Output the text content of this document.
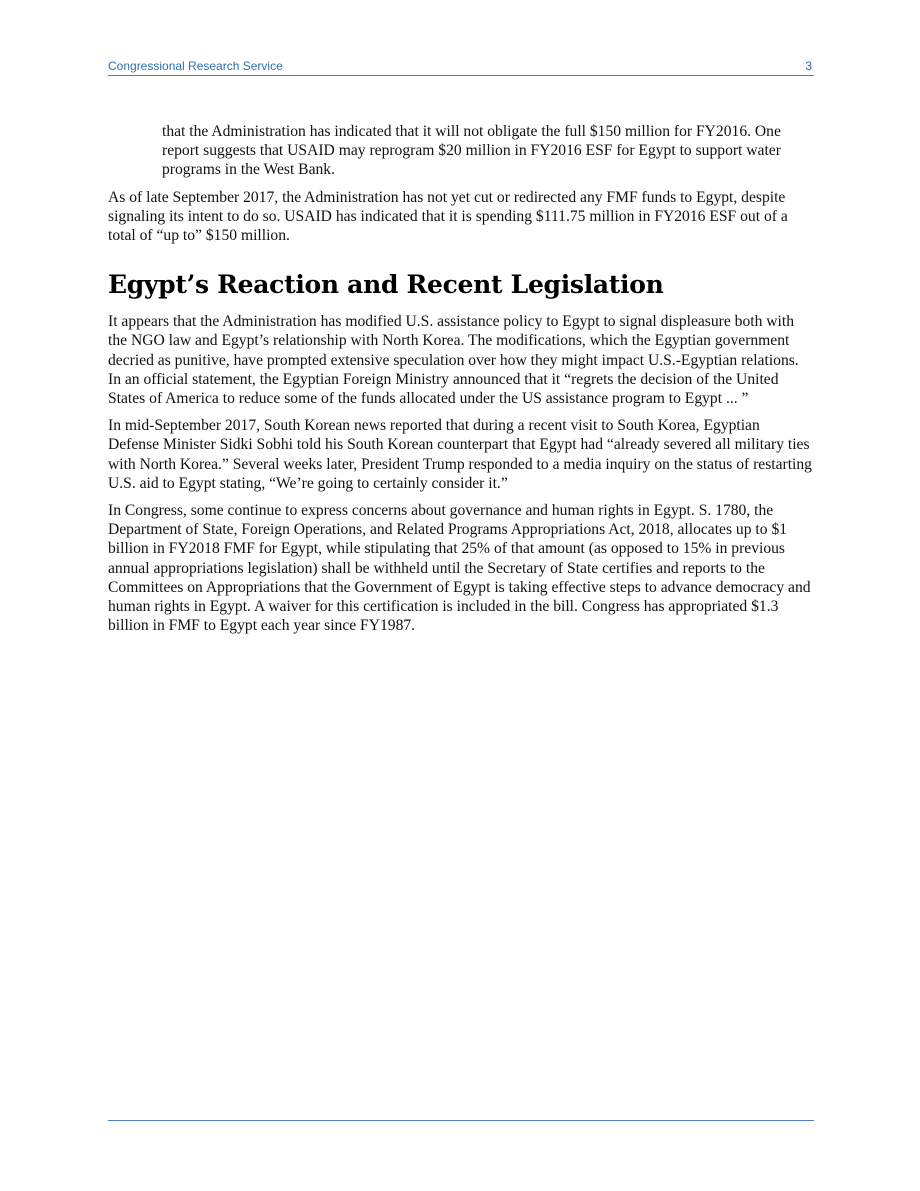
Congressional Research Service	3

that the Administration has indicated that it will not obligate the full $150 million for FY2016. One report suggests that USAID may reprogram $20 million in FY2016 ESF for Egypt to support water programs in the West Bank.

As of late September 2017, the Administration has not yet cut or redirected any FMF funds to Egypt, despite signaling its intent to do so. USAID has indicated that it is spending $111.75 million in FY2016 ESF out of a total of “up to” $150 million.

Egypt’s Reaction and Recent Legislation

It appears that the Administration has modified U.S. assistance policy to Egypt to signal displeasure both with the NGO law and Egypt’s relationship with North Korea. The modifications, which the Egyptian government decried as punitive, have prompted extensive speculation over how they might impact U.S.-Egyptian relations. In an official statement, the Egyptian Foreign Ministry announced that it “regrets the decision of the United States of America to reduce some of the funds allocated under the US assistance program to Egypt ... ”

In mid-September 2017, South Korean news reported that during a recent visit to South Korea, Egyptian Defense Minister Sidki Sobhi told his South Korean counterpart that Egypt had “already severed all military ties with North Korea.” Several weeks later, President Trump responded to a media inquiry on the status of restarting U.S. aid to Egypt stating, “We’re going to certainly consider it.”

In Congress, some continue to express concerns about governance and human rights in Egypt. S. 1780, the Department of State, Foreign Operations, and Related Programs Appropriations Act, 2018, allocates up to $1 billion in FY2018 FMF for Egypt, while stipulating that 25% of that amount (as opposed to 15% in previous annual appropriations legislation) shall be withheld until the Secretary of State certifies and reports to the Committees on Appropriations that the Government of Egypt is taking effective steps to advance democracy and human rights in Egypt. A waiver for this certification is included in the bill. Congress has appropriated $1.3 billion in FMF to Egypt each year since FY1987.
